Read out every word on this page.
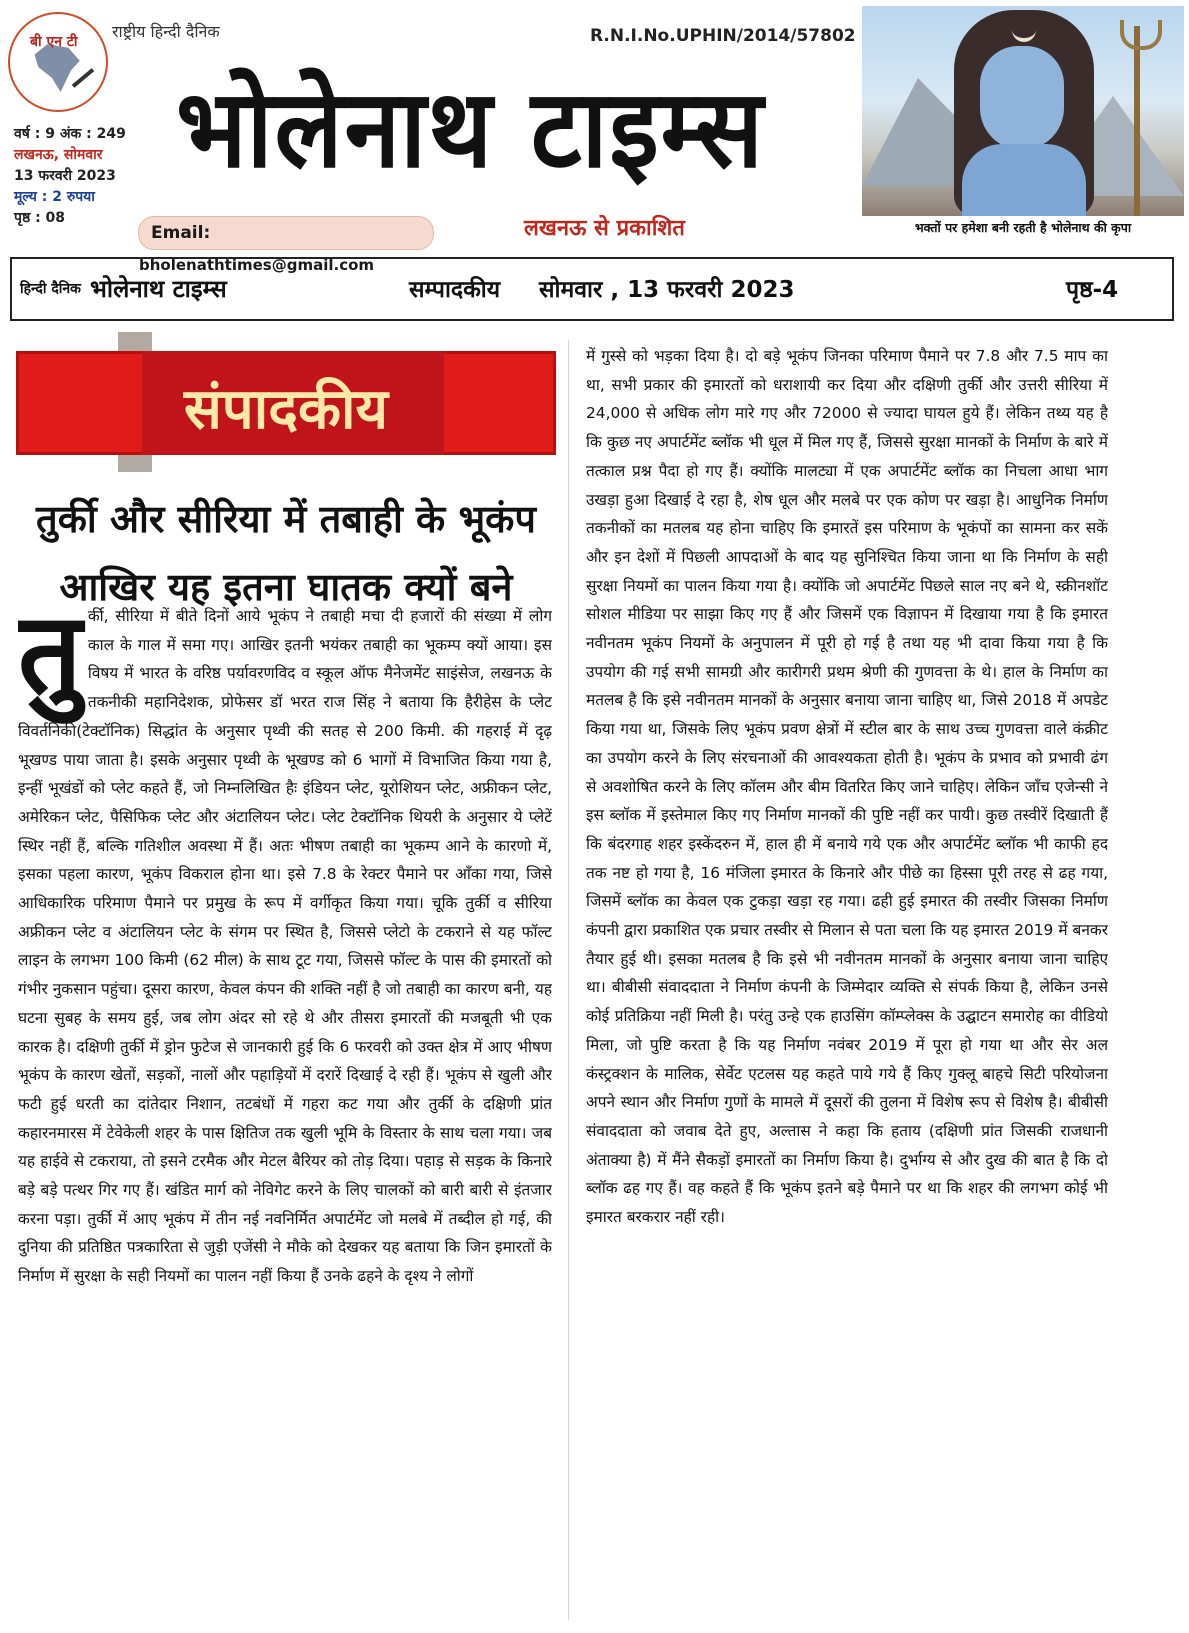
बी एन टी
राष्ट्रीय हिन्दी दैनिक
वर्ष : 9 अंक : 249
लखनऊ, सोमवार
13 फरवरी 2023
मूल्य : 2 रुपया
पृष्ठ : 08
R.N.I.No.UPHIN/2014/57802
भोलेनाथ टाइम्स
Email: bholenathtimes@gmail.com
लखनऊ से प्रकाशित	भक्तों पर हमेशा बनी रहती है भोलेनाथ की कृपा
हिन्दी दैनिक भोलेनाथ टाइम्स	सम्पादकीय सोमवार , 13 फरवरी 2023	पृष्ठ-4
संपादकीय
तुर्की और सीरिया में तबाही के भूकंप
आखिर यह इतना घातक क्यों बने
तु र्की, सीरिया में बीते दिनों आये भूकंप ने तबाही मचा दी हजारों की संख्या में लोग काल के गाल में समा गए। आखिर इतनी भयंकर तबाही का भूकम्प क्यों आया। इस विषय में भारत के वरिष्ठ पर्यावरणविद व स्कूल ऑफ मैनेजमेंट साइंसेज, लखनऊ के तकनीकी महानिदेशक, प्रोफेसर डॉ भरत राज सिंह ने बताया कि हैरीहेस के प्लेट विवर्तनिकी(टेक्टॉनिक) सिद्धांत के अनुसार पृथ्वी की सतह से 200 किमी. की गहराई में दृढ़ भूखण्ड पाया जाता है। इसके अनुसार पृथ्वी के भूखण्ड को 6 भागों में विभाजित किया गया है, इन्हीं भूखंडों को प्लेट कहते हैं, जो निम्नलिखित हैः इंडियन प्लेट, यूरोशियन प्लेट, अफ्रीकन प्लेट, अमेरिकन प्लेट, पैसिफिक प्लेट और अंटालियन प्लेट। प्लेट टेक्टॉनिक थियरी के अनुसार ये प्लेटें स्थिर नहीं हैं, बल्कि गतिशील अवस्था में हैं। अतः भीषण तबाही का भूकम्प आने के कारणो में, इसका पहला कारण, भूकंप विकराल होना था। इसे 7.8 के रेक्टर पैमाने पर आँका गया, जिसे आधिकारिक परिमाण पैमाने पर प्रमुख के रूप में वर्गीकृत किया गया। चूकि तुर्की व सीरिया अफ्रीकन प्लेट व अंटालियन प्लेट के संगम पर स्थित है, जिससे प्लेटो के टकराने से यह फॉल्ट लाइन के लगभग 100 किमी (62 मील) के साथ टूट गया, जिससे फॉल्ट के पास की इमारतों को गंभीर नुकसान पहुंचा। दूसरा कारण, केवल कंपन की शक्ति नहीं है जो तबाही का कारण बनी, यह घटना सुबह के समय हुई, जब लोग अंदर सो रहे थे और तीसरा इमारतों की मजबूती भी एक कारक है। दक्षिणी तुर्की में ड्रोन फुटेज से जानकारी हुई कि 6 फरवरी को उक्त क्षेत्र में आए भीषण भूकंप के कारण खेतों, सड़कों, नालों और पहाड़ियों में दरारें दिखाई दे रही हैं। भूकंप से खुली और फटी हुई धरती का दांतेदार निशान, तटबंधों में गहरा कट गया और तुर्की के दक्षिणी प्रांत कहारनमारस में टेवेकेली शहर के पास क्षितिज तक खुली भूमि के विस्तार के साथ चला गया। जब यह हाईवे से टकराया, तो इसने टरमैक और मेटल बैरियर को तोड़ दिया। पहाड़ से सड़क के किनारे बड़े बड़े पत्थर गिर गए हैं। खंडित मार्ग को नेविगेट करने के लिए चालकों को बारी बारी से इंतजार करना पड़ा। तुर्की में आए भूकंप में तीन नई नवनिर्मित अपार्टमेंट जो मलबे में तब्दील हो गई, की दुनिया की प्रतिष्ठित पत्रकारिता से जुड़ी एजेंसी ने मौके को देखकर यह बताया कि जिन इमारतों के निर्माण में सुरक्षा के सही नियमों का पालन नहीं किया हैं उनके ढहने के दृश्य ने लोगों
में गुस्से को भड़का दिया है। दो बड़े भूकंप जिनका परिमाण पैमाने पर 7.8 और 7.5 माप का था, सभी प्रकार की इमारतों को धराशायी कर दिया और दक्षिणी तुर्की और उत्तरी सीरिया में 24,000 से अधिक लोग मारे गए और 72000 से ज्यादा घायल हुये हैं। लेकिन तथ्य यह है कि कुछ नए अपार्टमेंट ब्लॉक भी धूल में मिल गए हैं, जिससे सुरक्षा मानकों के निर्माण के बारे में तत्काल प्रश्न पैदा हो गए हैं। क्योंकि मालट्या में एक अपार्टमेंट ब्लॉक का निचला आधा भाग उखड़ा हुआ दिखाई दे रहा है, शेष धूल और मलबे पर एक कोण पर खड़ा है। आधुनिक निर्माण तकनीकों का मतलब यह होना चाहिए कि इमारतें इस परिमाण के भूकंपों का सामना कर सकें और इन देशों में पिछली आपदाओं के बाद यह सुनिश्चित किया जाना था कि निर्माण के सही सुरक्षा नियमों का पालन किया गया है। क्योंकि जो अपार्टमेंट पिछले साल नए बने थे, स्क्रीनशॉट सोशल मीडिया पर साझा किए गए हैं और जिसमें एक विज्ञापन में दिखाया गया है कि इमारत नवीनतम भूकंप नियमों के अनुपालन में पूरी हो गई है तथा यह भी दावा किया गया है कि उपयोग की गई सभी सामग्री और कारीगरी प्रथम श्रेणी की गुणवत्ता के थे। हाल के निर्माण का मतलब है कि इसे नवीनतम मानकों के अनुसार बनाया जाना चाहिए था, जिसे 2018 में अपडेट किया गया था, जिसके लिए भूकंप प्रवण क्षेत्रों में स्टील बार के साथ उच्च गुणवत्ता वाले कंक्रीट का उपयोग करने के लिए संरचनाओं की आवश्यकता होती है। भूकंप के प्रभाव को प्रभावी ढंग से अवशोषित करने के लिए कॉलम और बीम वितरित किए जाने चाहिए। लेकिन जाँच एजेन्सी ने इस ब्लॉक में इस्तेमाल किए गए निर्माण मानकों की पुष्टि नहीं कर पायी। कुछ तस्वीरें दिखाती हैं कि बंदरगाह शहर इस्केंदरुन में, हाल ही में बनाये गये एक और अपार्टमेंट ब्लॉक भी काफी हद तक नष्ट हो गया है, 16 मंजिला इमारत के किनारे और पीछे का हिस्सा पूरी तरह से ढह गया, जिसमें ब्लॉक का केवल एक टुकड़ा खड़ा रह गया। ढही हुई इमारत की तस्वीर जिसका निर्माण कंपनी द्वारा प्रकाशित एक प्रचार तस्वीर से मिलान से पता चला कि यह इमारत 2019 में बनकर तैयार हुई थी। इसका मतलब है कि इसे भी नवीनतम मानकों के अनुसार बनाया जाना चाहिए था। बीबीसी संवाददाता ने निर्माण कंपनी के जिम्मेदार व्यक्ति से संपर्क किया है, लेकिन उनसे कोई प्रतिक्रिया नहीं मिली है। परंतु उन्हे एक हाउसिंग कॉम्प्लेक्स के उद्घाटन समारोह का वीडियो मिला, जो पुष्टि करता है कि यह निर्माण नवंबर 2019 में पूरा हो गया था और सेर अल कंस्ट्रक्शन के मालिक, सेर्वेट एटलस यह कहते पाये गये हैं किए गुक्लू बाहचे सिटी परियोजना अपने स्थान और निर्माण गुणों के मामले में दूसरों की तुलना में विशेष रूप से विशेष है। बीबीसी संवाददाता को जवाब देते हुए, अल्तास ने कहा कि हताय (दक्षिणी प्रांत जिसकी राजधानी अंताक्या है) में मैंने सैकड़ों इमारतों का निर्माण किया है। दुर्भाग्य से और दुख की बात है कि दो ब्लॉक ढह गए हैं। वह कहते हैं कि भूकंप इतने बड़े पैमाने पर था कि शहर की लगभग कोई भी इमारत बरकरार नहीं रही।
